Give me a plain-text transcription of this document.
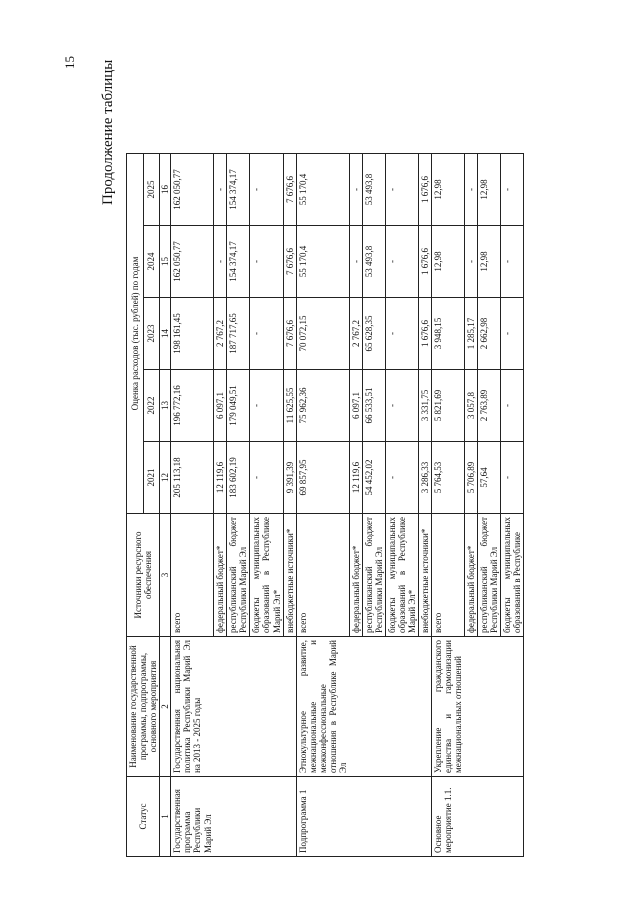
15 Продолжение таблицы
Статус	Наименование государственной программы, подпрограммы, основного мероприятия	Источники ресурсного обеспечения	Оценка расходов (тыс. рублей) по годам				
			2021	2022	2023	2024	2025
1	2	3	12	13	14	15	16
Государственная программа Республики Марий Эл	Государственная национальная политика Республики Марий Эл на 2013 - 2025 годы	всего	205 113,18	196 772,16	198 161,45	162 050,77	162 050,77
		федеральный бюджет*	12 119,6	6 097,1	2 767,2	-	-
		республиканский бюджет Республики Марий Эл	183 602,19	179 049,51	187 717,65	154 374,17	154 374,17
		бюджеты муниципальных образований в Республике Марий Эл*	-	-	-	-	-
		внебюджетные источники*	9 391,39	11 625,55	7 676,6	7 676,6	7 676,6
Подпрограмма 1	Этнокультурное развитие, межнациональные и межконфессиональные отношения в Республике Марий Эл	всего	69 857,95	75 962,36	70 072,15	55 170,4	55 170,4
		федеральный бюджет*	12 119,6	6 097,1	2 767,2	-	-
		республиканский бюджет Республики Марий Эл	54 452,02	66 533,51	65 628,35	53 493,8	53 493,8
		бюджеты муниципальных образований в Республике Марий Эл*	-	-	-	-	-
		внебюджетные источники*	3 286,33	3 331,75	1 676,6	1 676,6	1 676,6
Основное мероприятие 1.1.	Укрепление гражданского единства и гармонизации межнациональных отношений	всего	5 764,53	5 821,69	3 948,15	12,98	12,98
		федеральный бюджет*	5 706,89	3 057,8	1 285,17	-	-
		республиканский бюджет Республики Марий Эл	57,64	2 763,89	2 662,98	12,98	12,98
		бюджеты муниципальных образований в Республике	-	-	-	-	-
